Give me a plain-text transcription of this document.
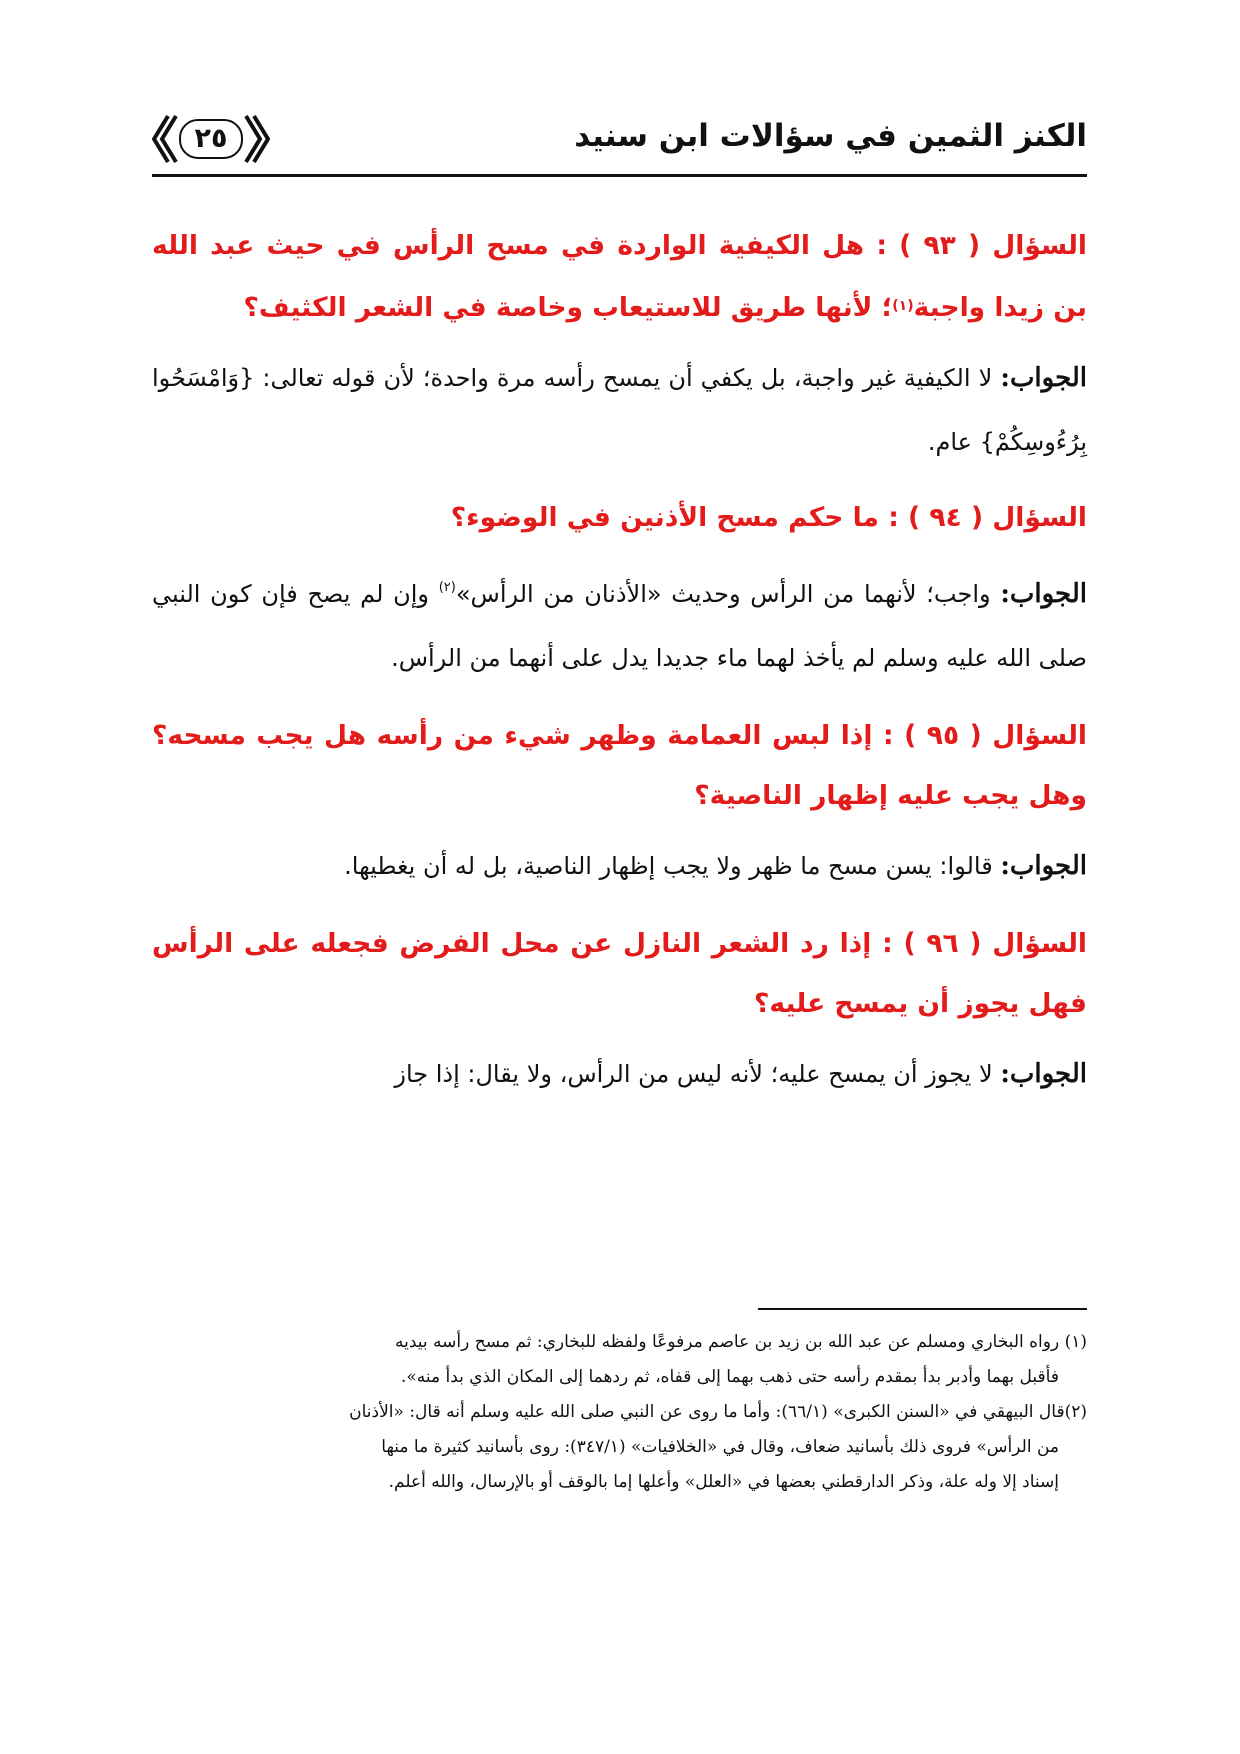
الكنز الثمين في سؤالات ابن سنيد
٢٥

السؤال ( ٩٣ ) : هل الكيفية الواردة في مسح الرأس في حيث عبد الله بن زيدا واجبة$^{(١)}$؛ لأنها طريق للاستيعاب وخاصة في الشعر الكثيف؟

الجواب: لا الكيفية غير واجبة، بل يكفي أن يمسح رأسه مرة واحدة؛ لأن قوله تعالى: {وَامْسَحُوا بِرُءُوسِكُمْ} عام.

السؤال ( ٩٤ ) : ما حكم مسح الأذنين في الوضوء؟

الجواب: واجب؛ لأنهما من الرأس وحديث «الأذنان من الرأس»$^{(٢)}$ وإن لم يصح فإن كون النبي صلى الله عليه وسلم لم يأخذ لهما ماء جديدا يدل على أنهما من الرأس.

السؤال ( ٩٥ ) : إذا لبس العمامة وظهر شيء من رأسه هل يجب مسحه؟ وهل يجب عليه إظهار الناصية؟

الجواب: قالوا: يسن مسح ما ظهر ولا يجب إظهار الناصية، بل له أن يغطيها.

السؤال ( ٩٦ ) : إذا رد الشعر النازل عن محل الفرض فجعله على الرأس فهل يجوز أن يمسح عليه؟

الجواب: لا يجوز أن يمسح عليه؛ لأنه ليس من الرأس، ولا يقال: إذا جاز

(١) رواه البخاري ومسلم عن عبد الله بن زيد بن عاصم مرفوعًا ولفظه للبخاري: ثم مسح رأسه بيديه

فأقبل بهما وأدبر بدأ بمقدم رأسه حتى ذهب بهما إلى قفاه، ثم ردهما إلى المكان الذي بدأ منه».

(٢)قال البيهقي في «السنن الكبرى» (٦٦/١): وأما ما روى عن النبي صلى الله عليه وسلم أنه قال: «الأذنان

من الرأس» فروى ذلك بأسانيد ضعاف، وقال في «الخلافيات» (٣٤٧/١): روى بأسانيد كثيرة ما منها

إسناد إلا وله علة، وذكر الدارقطني بعضها في «العلل» وأعلها إما بالوقف أو بالإرسال، والله أعلم.
